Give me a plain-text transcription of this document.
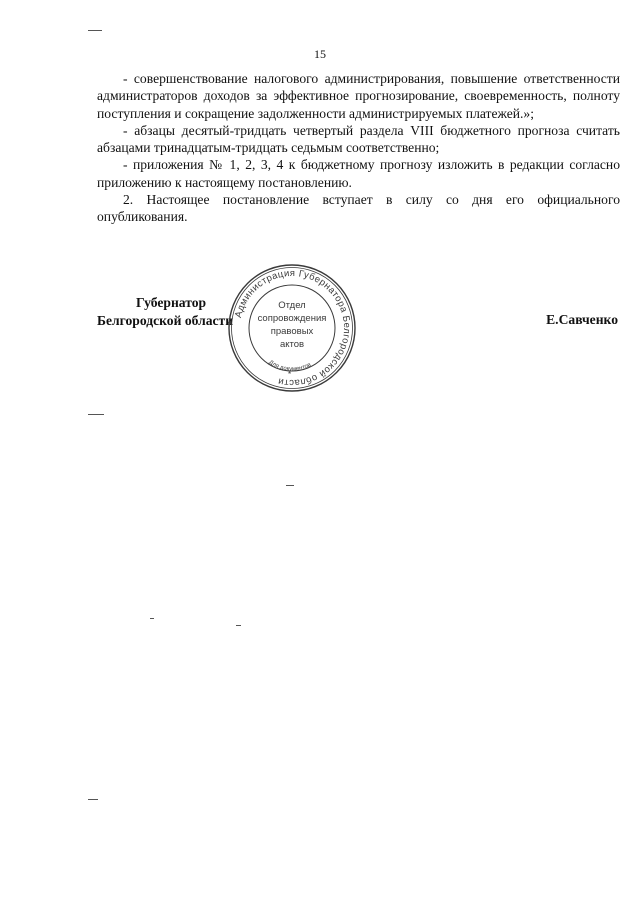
15

- совершенствование налогового администрирования, повышение ответственности администраторов доходов за эффективное прогнозирование, своевременность, полноту поступления и сокращение задолженности администрируемых платежей.»;

- абзацы десятый-тридцать четвертый раздела VIII бюджетного прогноза считать абзацами тринадцатым-тридцать седьмым соответственно;

- приложения № 1, 2, 3, 4 к бюджетному прогнозу изложить в редакции согласно приложению к настоящему постановлению.

2. Настоящее постановление вступает в силу со дня его официального опубликования.

Губернатор
Белгородской области	Е.Савченко
Администрация Губернатора Белгородской области
Для документов
Отдел
сопровождения
правовых
актов
*
